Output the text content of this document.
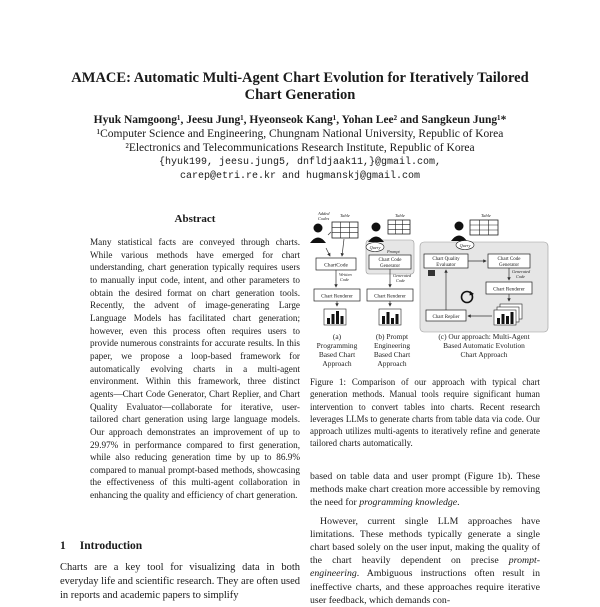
AMACE: Automatic Multi-Agent Chart Evolution for Iteratively Tailored
Chart Generation
Hyuk Namgoong¹, Jeesu Jung¹, Hyeonseok Kang¹, Yohan Lee² and Sangkeun Jung¹*
¹Computer Science and Engineering, Chungnam National University, Republic of Korea
²Electronics and Telecommunications Research Institute, Republic of Korea
{hyuk199, jeesu.jung5, dnfldjaak11,}@gmail.com,
carep@etri.re.kr and hugmanskj@gmail.com
Abstract
Many statistical facts are conveyed through charts. While various methods have emerged for chart understanding, chart generation typically requires users to manually input code, intent, and other parameters to obtain the desired format on chart generation tools. Recently, the advent of image-generating Large Language Models has facilitated chart generation; however, even this process often requires users to provide numerous constraints for accurate results. In this paper, we propose a loop-based framework for automatically evolving charts in a multi-agent environment. Within this framework, three distinct agents—Chart Code Generator, Chart Replier, and Chart Quality Evaluator—collaborate for iterative, user-tailored chart generation using large language models. Our approach demonstrates an improvement of up to 29.97% in performance compared to first generation, while also reducing generation time by up to 86.9% compared to manual prompt-based methods, showcasing the effectiveness of this multi-agent collaboration in enhancing the quality and efficiency of chart generation.
1 Introduction
Charts are a key tool for visualizing data in both everyday life and scientific research. They are often used in reports and academic papers to simplify
Added
Codes
Table
ChartCode
Written
Code
Chart Renderer
Table
Query
Prompt
Chart Code
Generator
Generated
Code
Chart Renderer
Table
Query
Chart Quality
Evaluator
Chart Code
Generator
Generated
Code
Chart Renderer
Chart Replier
(a)
Programming
Based Chart
Approach
(b) Prompt
Engineering
Based Chart
Approach
(c) Our approach: Multi-Agent
Based Automatic Evolution
Chart Approach
Figure 1: Comparison of our approach with typical chart generation methods. Manual tools require significant human intervention to convert tables into charts. Recent research leverages LLMs to generate charts from table data via code. Our approach utilizes multi-agents to iteratively refine and generate tailored charts automatically.

based on table data and user prompt (Figure 1b). These methods make chart creation more accessible by removing the need for programming knowledge.

However, current single LLM approaches have limitations. These methods typically generate a single chart based solely on the user input, making the quality of the chart heavily dependent on precise prompt-engineering. Ambiguous instructions often result in ineffective charts, and these approaches require iterative user feedback, which demands con-
